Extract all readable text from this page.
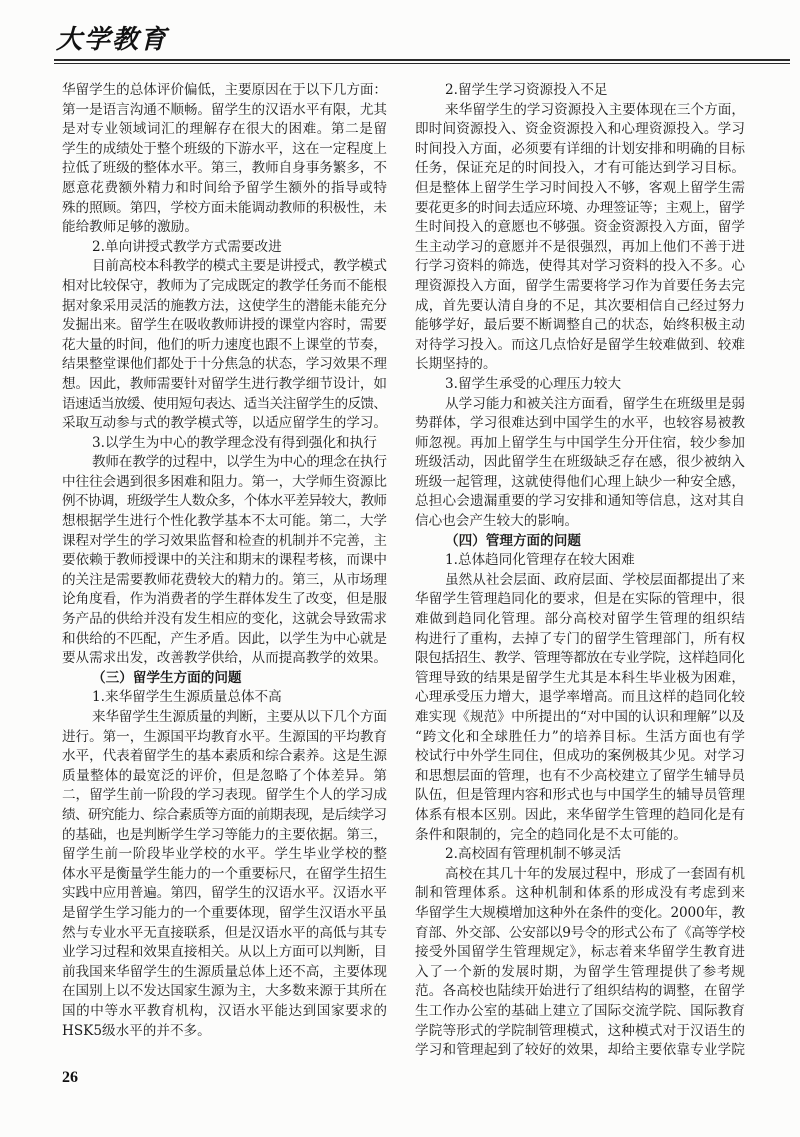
大学教育
华留学生的总体评价偏低，主要原因在于以下几方面：
第一是语言沟通不顺畅。留学生的汉语水平有限，尤其
是对专业领域词汇的理解存在很大的困难。第二是留
学生的成绩处于整个班级的下游水平，这在一定程度上
拉低了班级的整体水平。第三，教师自身事务繁多，不
愿意花费额外精力和时间给予留学生额外的指导或特
殊的照顾。第四，学校方面未能调动教师的积极性，未
能给教师足够的激励。
2.单向讲授式教学方式需要改进
目前高校本科教学的模式主要是讲授式，教学模式
相对比较保守，教师为了完成既定的教学任务而不能根
据对象采用灵活的施教方法，这使学生的潜能未能充分
发掘出来。留学生在吸收教师讲授的课堂内容时，需要
花大量的时间，他们的听力速度也跟不上课堂的节奏，
结果整堂课他们都处于十分焦急的状态，学习效果不理
想。因此，教师需要针对留学生进行教学细节设计，如
语速适当放缓、使用短句表达、适当关注留学生的反馈、
采取互动参与式的教学模式等，以适应留学生的学习。
3.以学生为中心的教学理念没有得到强化和执行
教师在教学的过程中，以学生为中心的理念在执行
中往往会遇到很多困难和阻力。第一，大学师生资源比
例不协调，班级学生人数众多，个体水平差异较大，教师
想根据学生进行个性化教学基本不太可能。第二，大学
课程对学生的学习效果监督和检查的机制并不完善，主
要依赖于教师授课中的关注和期末的课程考核，而课中
的关注是需要教师花费较大的精力的。第三，从市场理
论角度看，作为消费者的学生群体发生了改变，但是服
务产品的供给并没有发生相应的变化，这就会导致需求
和供给的不匹配，产生矛盾。因此，以学生为中心就是
要从需求出发，改善教学供给，从而提高教学的效果。
（三）留学生方面的问题
1.来华留学生生源质量总体不高
来华留学生生源质量的判断，主要从以下几个方面
进行。第一，生源国平均教育水平。生源国的平均教育
水平，代表着留学生的基本素质和综合素养。这是生源
质量整体的最宽泛的评价，但是忽略了个体差异。第
二，留学生前一阶段的学习表现。留学生个人的学习成
绩、研究能力、综合素质等方面的前期表现，是后续学习
的基础，也是判断学生学习等能力的主要依据。第三，
留学生前一阶段毕业学校的水平。学生毕业学校的整
体水平是衡量学生能力的一个重要标尺，在留学生招生
实践中应用普遍。第四，留学生的汉语水平。汉语水平
是留学生学习能力的一个重要体现，留学生汉语水平虽
然与专业水平无直接联系，但是汉语水平的高低与其专
业学习过程和效果直接相关。从以上方面可以判断，目
前我国来华留学生的生源质量总体上还不高，主要体现
在国别上以不发达国家生源为主，大多数来源于其所在
国的中等水平教育机构，汉语水平能达到国家要求的
HSK5级水平的并不多。
2.留学生学习资源投入不足
来华留学生的学习资源投入主要体现在三个方面，
即时间资源投入、资金资源投入和心理资源投入。学习
时间投入方面，必须要有详细的计划安排和明确的目标
任务，保证充足的时间投入，才有可能达到学习目标。
但是整体上留学生学习时间投入不够，客观上留学生需
要花更多的时间去适应环境、办理签证等；主观上，留学
生时间投入的意愿也不够强。资金资源投入方面，留学
生主动学习的意愿并不是很强烈，再加上他们不善于进
行学习资料的筛选，使得其对学习资料的投入不多。心
理资源投入方面，留学生需要将学习作为首要任务去完
成，首先要认清自身的不足，其次要相信自己经过努力
能够学好，最后要不断调整自己的状态，始终积极主动
对待学习投入。而这几点恰好是留学生较难做到、较难
长期坚持的。
3.留学生承受的心理压力较大
从学习能力和被关注方面看，留学生在班级里是弱
势群体，学习很难达到中国学生的水平，也较容易被教
师忽视。再加上留学生与中国学生分开住宿，较少参加
班级活动，因此留学生在班级缺乏存在感，很少被纳入
班级一起管理，这就使得他们心理上缺少一种安全感，
总担心会遗漏重要的学习安排和通知等信息，这对其自
信心也会产生较大的影响。
（四）管理方面的问题
1.总体趋同化管理存在较大困难
虽然从社会层面、政府层面、学校层面都提出了来
华留学生管理趋同化的要求，但是在实际的管理中，很
难做到趋同化管理。部分高校对留学生管理的组织结
构进行了重构，去掉了专门的留学生管理部门，所有权
限包括招生、教学、管理等都放在专业学院，这样趋同化
管理导致的结果是留学生尤其是本科生毕业极为困难，
心理承受压力增大，退学率增高。而且这样的趋同化较
难实现《规范》中所提出的“对中国的认识和理解”以及
“跨文化和全球胜任力”的培养目标。生活方面也有学
校试行中外学生同住，但成功的案例极其少见。对学习
和思想层面的管理，也有不少高校建立了留学生辅导员
队伍，但是管理内容和形式也与中国学生的辅导员管理
体系有根本区别。因此，来华留学生管理的趋同化是有
条件和限制的，完全的趋同化是不太可能的。
2.高校固有管理机制不够灵活
高校在其几十年的发展过程中，形成了一套固有机
制和管理体系。这种机制和体系的形成没有考虑到来
华留学生大规模增加这种外在条件的变化。2000年，教
育部、外交部、公安部以9号令的形式公布了《高等学校
接受外国留学生管理规定》，标志着来华留学生教育进
入了一个新的发展时期，为留学生管理提供了参考规
范。各高校也陆续开始进行了组织结构的调整，在留学
生工作办公室的基础上建立了国际交流学院、国际教育
学院等形式的学院制管理模式，这种模式对于汉语生的
学习和管理起到了较好的效果，却给主要依靠专业学院
26
